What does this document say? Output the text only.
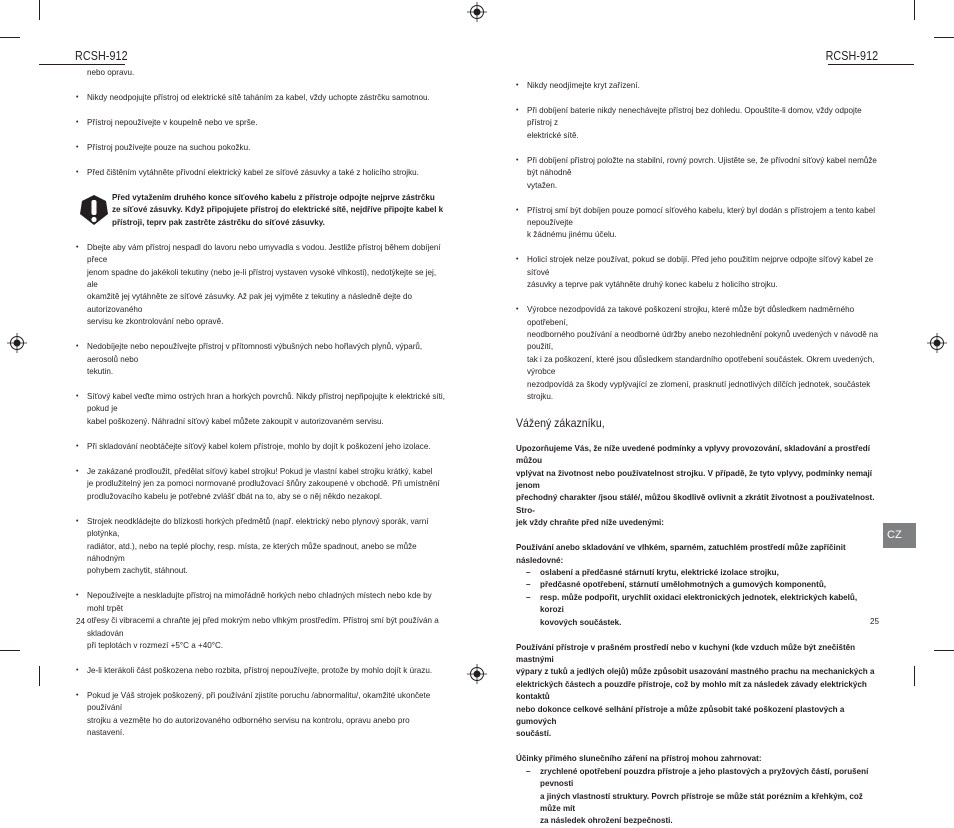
RCSH-912	RCSH-912
nebo opravu.
• Nikdy neodpojujte přístroj od elektrické sítě taháním za kabel, vždy uchopte zástrčku samotnou.
• Přístroj nepoužívejte v koupelně nebo ve sprše.
• Přístroj používejte pouze na suchou pokožku.
• Před čištěním vytáhněte přívodní elektrický kabel ze síťové zásuvky a také z holicího strojku.
Před vytažením druhého konce síťového kabelu z přístroje odpojte nejprve zástrčku
ze síťové zásuvky. Když připojujete přístroj do elektrické sítě, nejdříve připojte kabel k
přístroji, teprv pak zastrčte zástrčku do síťové zásuvky.
• Dbejte aby vám přístroj nespadl do lavoru nebo umyvadla s vodou. Jestliže přístroj během dobíjení přece
jenom spadne do jakékoli tekutiny (nebo je-li přístroj vystaven vysoké vlhkosti), nedotýkejte se jej, ale
okamžitě jej vytáhněte ze síťové zásuvky. Až pak jej vyjměte z tekutiny a následně dejte do autorizovaného
servisu ke zkontrolování nebo opravě.
• Nedobíjejte nebo nepoužívejte přístroj v přítomnosti výbušných nebo hořlavých plynů, výparů, aerosolů nebo
tekutin.
• Síťový kabel veďte mimo ostrých hran a horkých povrchů. Nikdy přístroj nepřipojujte k elektrické síti, pokud je
kabel poškozený. Náhradní síťový kabel můžete zakoupit v autorizovaném servisu.
• Při skladování neobtáčejte síťový kabel kolem přístroje, mohlo by dojít k poškození jeho izolace.
• Je zakázané prodloužit, předělat síťový kabel strojku! Pokud je vlastní kabel strojku krátký, kabel
je prodlužitelný jen za pomoci normované prodlužovací šňůry zakoupené v obchodě. Při umístnění
prodlužovacího kabelu je potřebné zvlášť dbát na to, aby se o něj někdo nezakopl.
• Strojek neodkládejte do blízkosti horkých předmětů (např. elektrický nebo plynový sporák, varní plotýnka,
radiátor, atd.), nebo na teplé plochy, resp. místa, ze kterých může spadnout, anebo se může náhodným
pohybem zachytit, stáhnout.
• Nepoužívejte a neskladujte přístroj na mimořádně horkých nebo chladných místech nebo kde by mohl trpět
otřesy či vibracemi a chraňte jej před mokrým nebo vlhkým prostředím. Přístroj smí být používán a skladován
při teplotách v rozmezí +5°C a +40°C.
• Je-li kterákoli část poškozena nebo rozbita, přístroj nepoužívejte, protože by mohlo dojít k úrazu.
• Pokud je Váš strojek poškozený, při používání zjistíte poruchu /abnormalitu/, okamžité ukončete používání
strojku a vezměte ho do autorizovaného odborného servisu na kontrolu, opravu anebo pro nastavení.
24
• Nikdy neodjímejte kryt zařízení.
• Při dobíjení baterie nikdy nenechávejte přístroj bez dohledu. Opouštíte-li domov, vždy odpojte přístroj z
elektrické sítě.
• Při dobíjení přístroj položte na stabilní, rovný povrch. Ujistěte se, že přívodní síťový kabel nemůže být náhodně
vytažen.
• Přístroj smí být dobíjen pouze pomocí síťového kabelu, který byl dodán s přístrojem a tento kabel nepoužívejte
k žádnému jinému účelu.
• Holicí strojek nelze používat, pokud se dobíjí. Před jeho použitím nejprve odpojte síťový kabel ze síťové
zásuvky a teprve pak vytáhněte druhý konec kabelu z holicího strojku.
• Výrobce nezodpovídá za takové poškození strojku, které může být důsledkem nadměrného opotřebení,
neodborného používání a neodborné údržby anebo nezohlednění pokynů uvedených v návodě na použití,
tak i za poškození, které jsou důsledkem standardního opotřebení součástek. Okrem uvedených, výrobce
nezodpovídá za škody vyplývající ze zlomení, prasknutí jednotlivých dílčích jednotek, součástek strojku.
Vážený zákazníku,
Upozorňujeme Vás, že níže uvedené podmínky a vplyvy provozování, skladování a prostředí můžou
vplývat na životnost nebo použivatelnost strojku. V případě, že tyto vplyvy, podmínky nemají jenom
přechodný charakter /jsou stálé/, můžou škodlivě ovlivnit a zkrátit životnost a použivatelnost. Stro-
jek vždy chraňte před níže uvedenými:
Používání anebo skladování ve vlhkém, sparném, zatuchlém prostředí může zapříčinit následovné:
– oslabení a předčasné stárnutí krytu, elektrické izolace strojku,
– předčasné opotřebení, stárnutí umělohmotných a gumových komponentů,
– resp. může podpořit, urychlit oxidaci elektronických jednotek, elektrických kabelů, korozi
kovových součástek.
Používání přístroje v prašném prostředí nebo v kuchyni (kde vzduch může být znečištěn mastnými
výpary z tuků a jedlých olejů) může způsobit usazování mastného prachu na mechanických a
elektrických částech a pouzdře přístroje, což by mohlo mít za následek závady elektrických kontaktů
nebo dokonce celkové selhání přístroje a může způsobit také poškození plastových a gumových
součástí.
Účinky přímého slunečního záření na přístroj mohou zahrnovat:
– zrychlené opotřebení pouzdra přístroje a jeho plastových a pryžových částí, porušení pevnosti
a jiných vlastností struktury. Povrch přístroje se může stát porézním a křehkým, což může mít
za následek ohrožení bezpečnosti.
25
CZ
